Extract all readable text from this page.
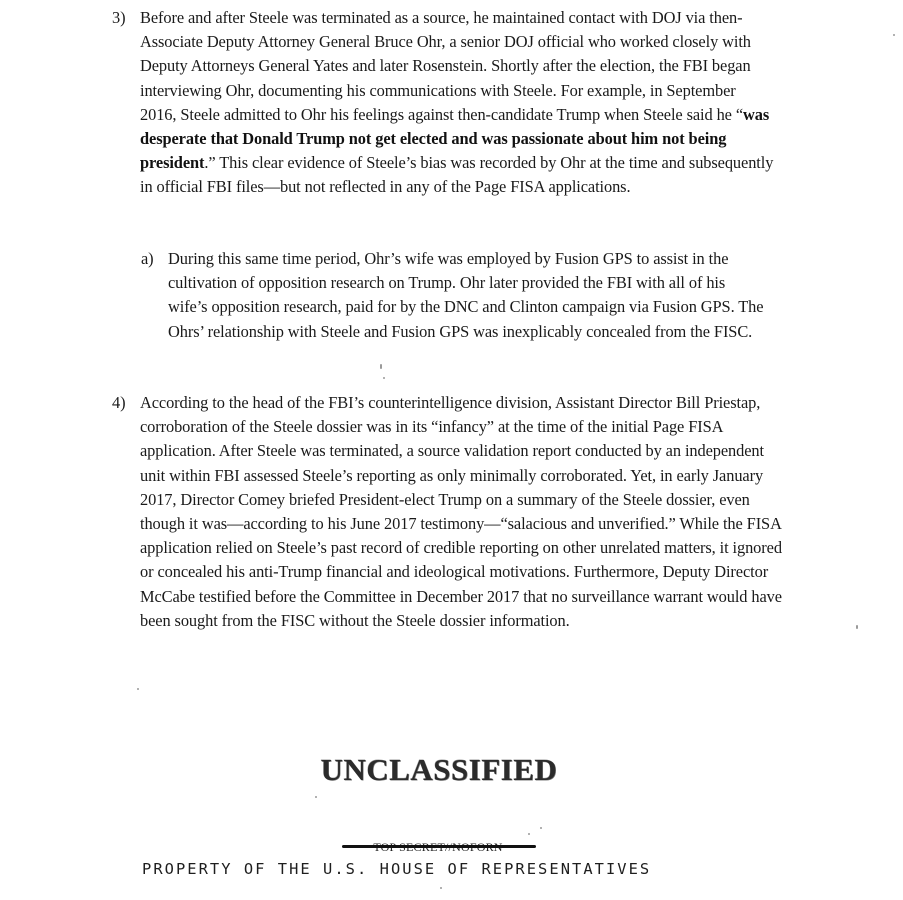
3) Before and after Steele was terminated as a source, he maintained contact with DOJ via then-Associate Deputy Attorney General Bruce Ohr, a senior DOJ official who worked closely with Deputy Attorneys General Yates and later Rosenstein. Shortly after the election, the FBI began interviewing Ohr, documenting his communications with Steele. For example, in September 2016, Steele admitted to Ohr his feelings against then-candidate Trump when Steele said he “was desperate that Donald Trump not get elected and was passionate about him not being president.” This clear evidence of Steele’s bias was recorded by Ohr at the time and subsequently in official FBI files—but not reflected in any of the Page FISA applications.
a) During this same time period, Ohr’s wife was employed by Fusion GPS to assist in the cultivation of opposition research on Trump. Ohr later provided the FBI with all of his wife’s opposition research, paid for by the DNC and Clinton campaign via Fusion GPS. The Ohrs’ relationship with Steele and Fusion GPS was inexplicably concealed from the FISC.
4) According to the head of the FBI’s counterintelligence division, Assistant Director Bill Priestap, corroboration of the Steele dossier was in its “infancy” at the time of the initial Page FISA application. After Steele was terminated, a source validation report conducted by an independent unit within FBI assessed Steele’s reporting as only minimally corroborated. Yet, in early January 2017, Director Comey briefed President-elect Trump on a summary of the Steele dossier, even though it was—according to his June 2017 testimony—“salacious and unverified.” While the FISA application relied on Steele’s past record of credible reporting on other unrelated matters, it ignored or concealed his anti-Trump financial and ideological motivations. Furthermore, Deputy Director McCabe testified before the Committee in December 2017 that no surveillance warrant would have been sought from the FISC without the Steele dossier information.
UNCLASSIFIED
PROPERTY OF THE U.S. HOUSE OF REPRESENTATIVES
